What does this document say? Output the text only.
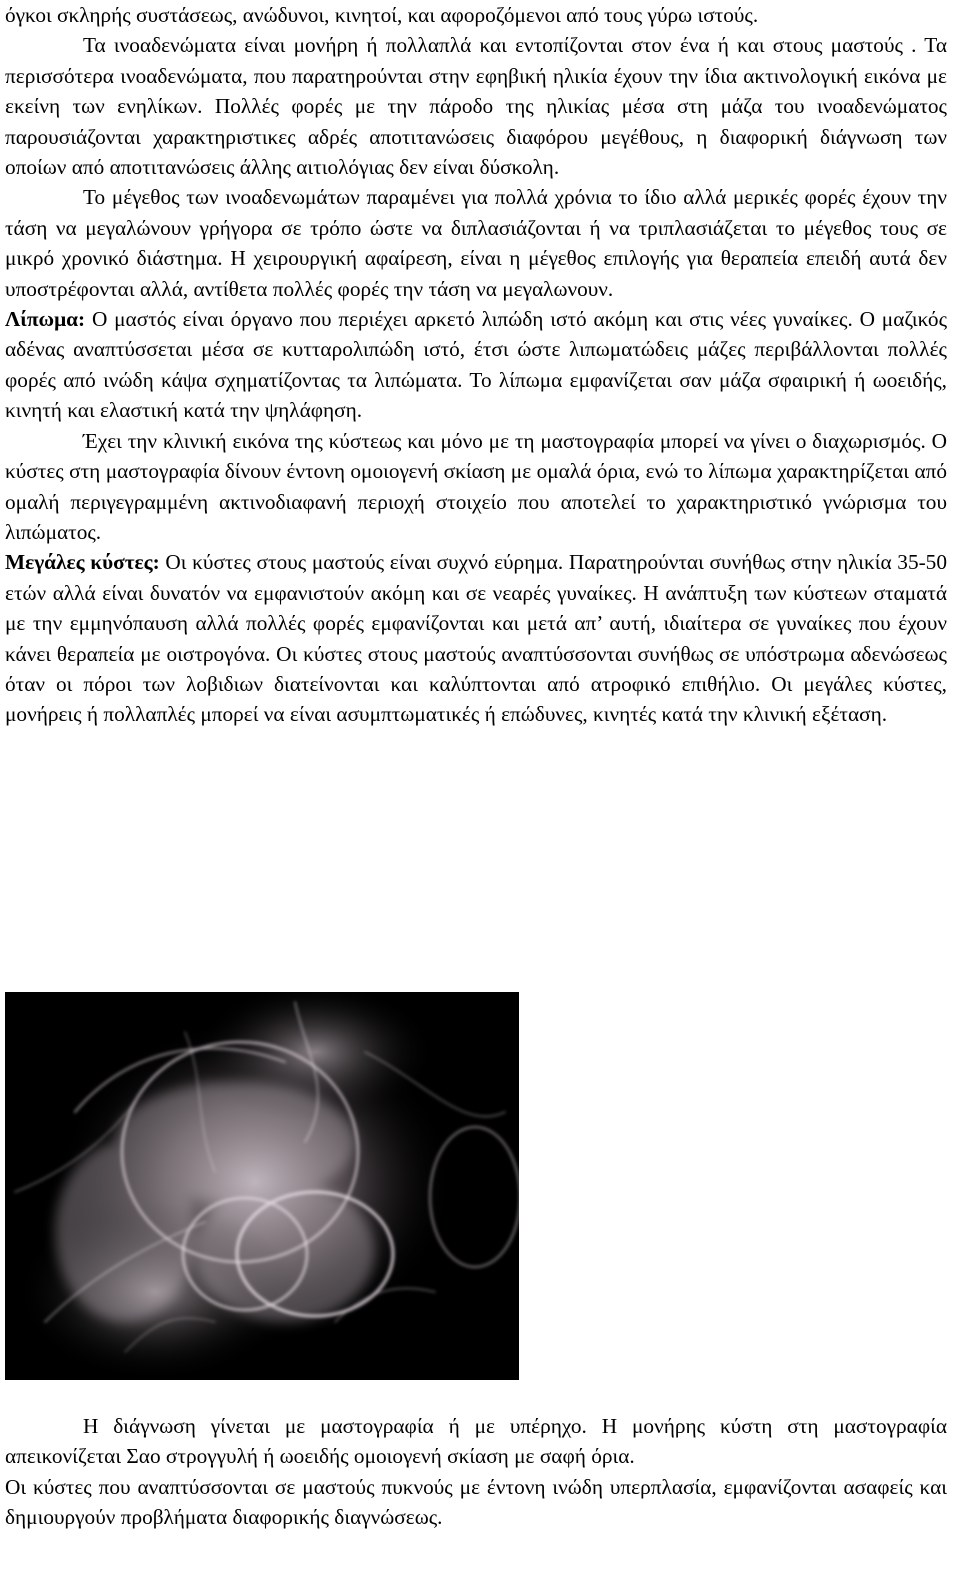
όγκοι σκληρής συστάσεως, ανώδυνοι, κινητοί, και αφοροζόμενοι από τους γύρω ιστούς.

Τα ινοαδενώματα είναι μονήρη ή πολλαπλά και εντοπίζονται στον ένα ή και στους μαστούς . Τα περισσότερα ινοαδενώματα, που παρατηρούνται στην εφηβική ηλικία έχουν την ίδια ακτινολογική εικόνα με εκείνη των ενηλίκων. Πολλές φορές με την πάροδο της ηλικίας μέσα στη μάζα του ινοαδενώματος παρουσιάζονται χαρακτηριστικες αδρές αποτιτανώσεις διαφόρου μεγέθους, η διαφορική διάγνωση των οποίων από αποτιτανώσεις άλλης αιτιολόγιας δεν είναι δύσκολη.

Το μέγεθος των ινοαδενωμάτων παραμένει για πολλά χρόνια το ίδιο αλλά μερικές φορές έχουν την τάση να μεγαλώνουν γρήγορα σε τρόπο ώστε να διπλασιάζονται ή να τριπλασιάζεται το μέγεθος τους σε μικρό χρονικό διάστημα. Η χειρουργική αφαίρεση, είναι η μέγεθος επιλογής για θεραπεία επειδή αυτά δεν υποστρέφονται αλλά, αντίθετα πολλές φορές την τάση να μεγαλωνουν.

Λίπωμα: Ο μαστός είναι όργανο που περιέχει αρκετό λιπώδη ιστό ακόμη και στις νέες γυναίκες. Ο μαζικός αδένας αναπτύσσεται μέσα σε κυτταρολιπώδη ιστό, έτσι ώστε λιπωματώδεις μάζες περιβάλλονται πολλές φορές από ινώδη κάψα σχηματίζοντας τα λιπώματα. Το λίπωμα εμφανίζεται σαν μάζα σφαιρική ή ωοειδής, κινητή και ελαστική κατά την ψηλάφηση.

Έχει την κλινική εικόνα της κύστεως και μόνο με τη μαστογραφία μπορεί να γίνει ο διαχωρισμός. Ο κύστες στη μαστογραφία δίνουν έντονη ομοιογενή σκίαση με ομαλά όρια, ενώ το λίπωμα χαρακτηρίζεται από ομαλή περιγεγραμμένη ακτινοδιαφανή περιοχή στοιχείο που αποτελεί το χαρακτηριστικό γνώρισμα του λιπώματος.

Μεγάλες κύστες: Οι κύστες στους μαστούς είναι συχνό εύρημα. Παρατηρούνται συνήθως στην ηλικία 35-50 ετών αλλά είναι δυνατόν να εμφανιστούν ακόμη και σε νεαρές γυναίκες. Η ανάπτυξη των κύστεων σταματά με την εμμηνόπαυση αλλά πολλές φορές εμφανίζονται και μετά απ’ αυτή, ιδιαίτερα σε γυναίκες που έχουν κάνει θεραπεία με οιστρογόνα. Οι κύστες στους μαστούς αναπτύσσονται συνήθως σε υπόστρωμα αδενώσεως όταν οι πόροι των λοβιδιων διατείνονται και καλύπτονται από ατροφικό επιθήλιο. Οι μεγάλες κύστες, μονήρεις ή πολλαπλές μπορεί να είναι ασυμπτωματικές ή επώδυνες, κινητές κατά την κλινική εξέταση.

Η διάγνωση γίνεται με μαστογραφία ή με υπέρηχο. Η μονήρης κύστη στη μαστογραφία απεικονίζεται Σαο στρογγυλή ή ωοειδής ομοιογενή σκίαση με σαφή όρια.

Οι κύστες που αναπτύσσονται σε μαστούς πυκνούς με έντονη ινώδη υπερπλασία, εμφανίζονται ασαφείς και δημιουργούν προβλήματα διαφορικής διαγνώσεως.
